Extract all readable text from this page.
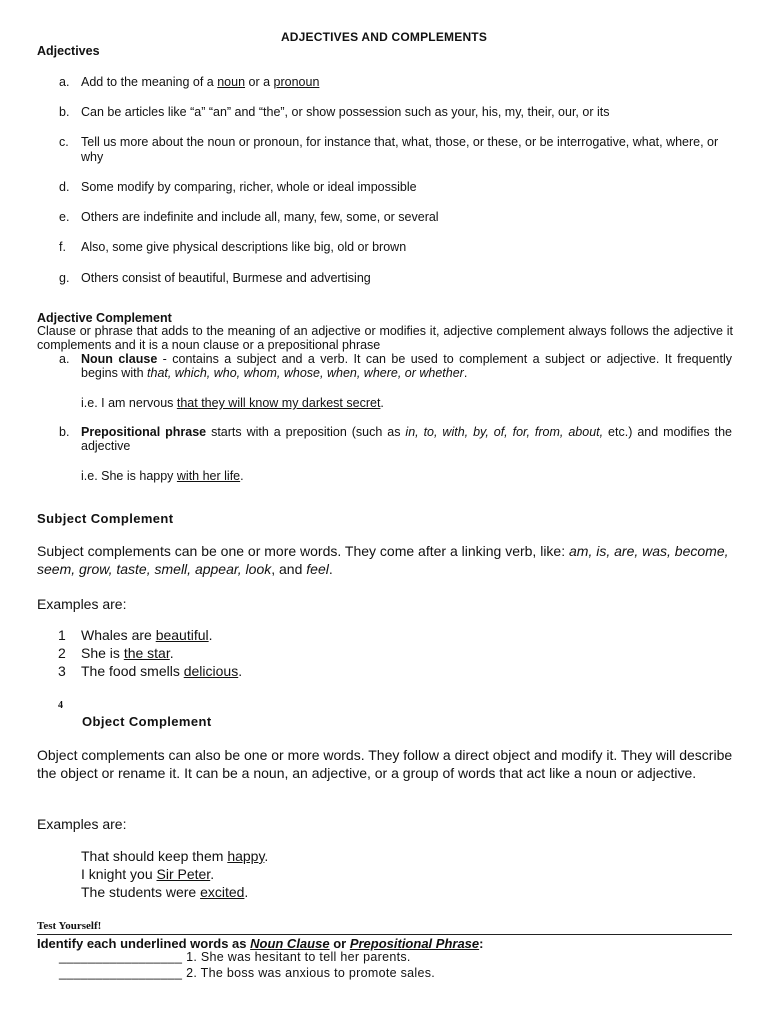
ADJECTIVES AND COMPLEMENTS
Adjectives
a. Add to the meaning of a noun or a pronoun
b. Can be articles like “a” “an” and “the”, or show possession such as your, his, my, their, our, or its
c. Tell us more about the noun or pronoun, for instance that, what, those, or these, or be interrogative, what, where, or why
d. Some modify by comparing, richer, whole or ideal impossible
e. Others are indefinite and include all, many, few, some, or several
f.	Also, some give physical descriptions like big, old or brown
g. Others consist of beautiful, Burmese and advertising
Adjective Complement
Clause or phrase that adds to the meaning of an adjective or modifies it, adjective complement always follows the adjective it complements and it is a noun clause or a prepositional phrase
a. Noun clause - contains a subject and a verb. It can be used to complement a subject or adjective. It frequently begins with that, which, who, whom, whose, when, where, or whether.
i.e. I am nervous that they will know my darkest secret.
b. Prepositional phrase starts with a preposition (such as in, to, with, by, of, for, from, about, etc.) and modifies the adjective
i.e. She is happy with her life.
Subject Complement
Subject complements can be one or more words. They come after a linking verb, like: am, is, are, was, become, seem, grow, taste, smell, appear, look, and feel.
Examples are:
1	Whales are beautiful.
2	She is the star.
3	The food smells delicious.
4
Object Complement
Object complements can also be one or more words. They follow a direct object and modify it. They will describe the object or rename it. It can be a noun, an adjective, or a group of words that act like a noun or adjective.
Examples are:
That should keep them happy.
I knight you Sir Peter.
The students were excited.
Test Yourself!
Identify each underlined words as Noun Clause or Prepositional Phrase:
_________________ 1. She was hesitant to tell her parents.
_________________ 2. The boss was anxious to promote sales.
